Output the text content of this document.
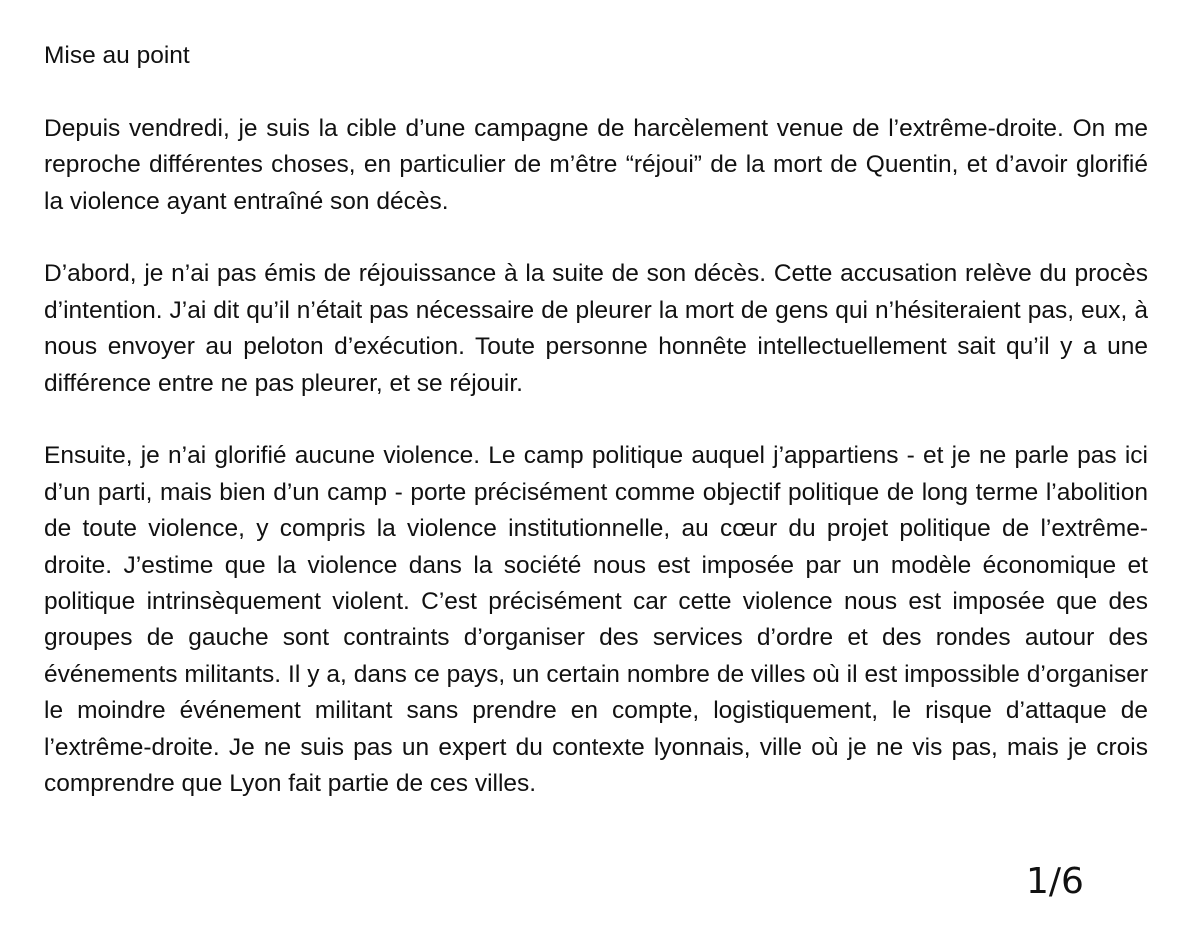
Mise au point

Depuis vendredi, je suis la cible d’une campagne de harcèlement venue de l’extrême-droite. On me reproche différentes choses, en particulier de m’être “réjoui” de la mort de Quentin, et d’avoir glorifié la violence ayant entraîné son décès.

D’abord, je n’ai pas émis de réjouissance à la suite de son décès. Cette accusation relève du procès d’intention. J’ai dit qu’il n’était pas nécessaire de pleurer la mort de gens qui n’hésiteraient pas, eux, à nous envoyer au peloton d’exécution. Toute personne honnête intellectuellement sait qu’il y a une différence entre ne pas pleurer, et se réjouir.

Ensuite, je n’ai glorifié aucune violence. Le camp politique auquel j’appartiens - et je ne parle pas ici d’un parti, mais bien d’un camp - porte précisément comme objectif politique de long terme l’abolition de toute violence, y compris la violence institutionnelle, au cœur du projet politique de l’extrême-droite. J’estime que la violence dans la société nous est imposée par un modèle économique et politique intrinsèquement violent. C’est précisément car cette violence nous est imposée que des groupes de gauche sont contraints d’organiser des services d’ordre et des rondes autour des événements militants. Il y a, dans ce pays, un certain nombre de villes où il est impossible d’organiser le moindre événement militant sans prendre en compte, logistiquement, le risque d’attaque de l’extrême-droite. Je ne suis pas un expert du contexte lyonnais, ville où je ne vis pas, mais je crois comprendre que Lyon fait partie de ces villes.

1/6
